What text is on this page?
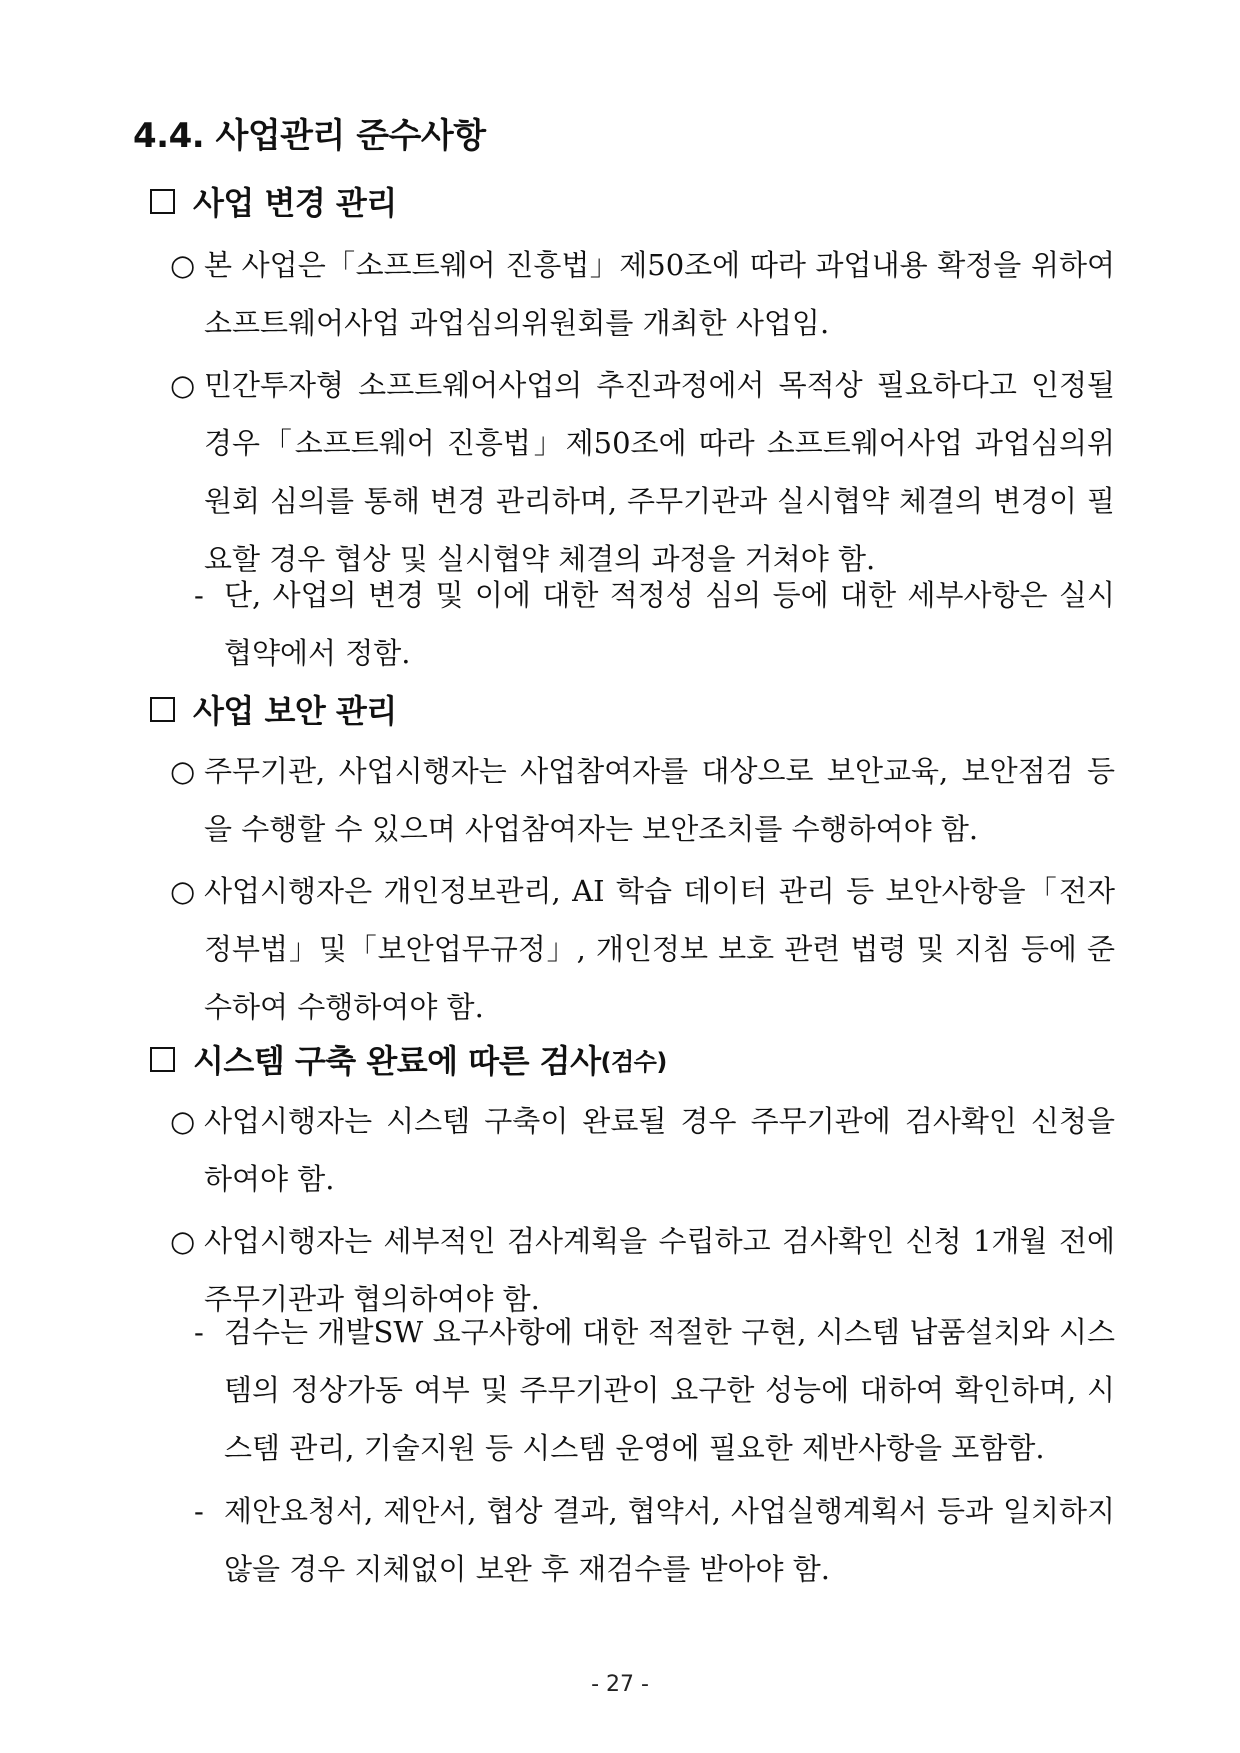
4.4. 사업관리 준수사항
사업 변경 관리
○ 본 사업은「소프트웨어 진흥법」제50조에 따라 과업내용 확정을 위하여 소프트웨어사업 과업심의위원회를 개최한 사업임.
○ 민간투자형 소프트웨어사업의 추진과정에서 목적상 필요하다고 인정될 경우「소프트웨어 진흥법」제50조에 따라 소프트웨어사업 과업심의위원회 심의를 통해 변경 관리하며, 주무기관과 실시협약 체결의 변경이 필요할 경우 협상 및 실시협약 체결의 과정을 거쳐야 함.
- 단, 사업의 변경 및 이에 대한 적정성 심의 등에 대한 세부사항은 실시협약에서 정함.
사업 보안 관리
○ 주무기관, 사업시행자는 사업참여자를 대상으로 보안교육, 보안점검 등을 수행할 수 있으며 사업참여자는 보안조치를 수행하여야 함.
○ 사업시행자은 개인정보관리, AI 학습 데이터 관리 등 보안사항을「전자정부법」및「보안업무규정」, 개인정보 보호 관련 법령 및 지침 등에 준수하여 수행하여야 함.
시스템 구축 완료에 따른 검사 (검수)
○ 사업시행자는 시스템 구축이 완료될 경우 주무기관에 검사확인 신청을 하여야 함.
○ 사업시행자는 세부적인 검사계획을 수립하고 검사확인 신청 1개월 전에 주무기관과 협의하여야 함.
- 검수는 개발SW 요구사항에 대한 적절한 구현, 시스템 납품설치와 시스템의 정상가동 여부 및 주무기관이 요구한 성능에 대하여 확인하며, 시스템 관리, 기술지원 등 시스템 운영에 필요한 제반사항을 포함함.
- 제안요청서, 제안서, 협상 결과, 협약서, 사업실행계획서 등과 일치하지 않을 경우 지체없이 보완 후 재검수를 받아야 함.
- 27 -
